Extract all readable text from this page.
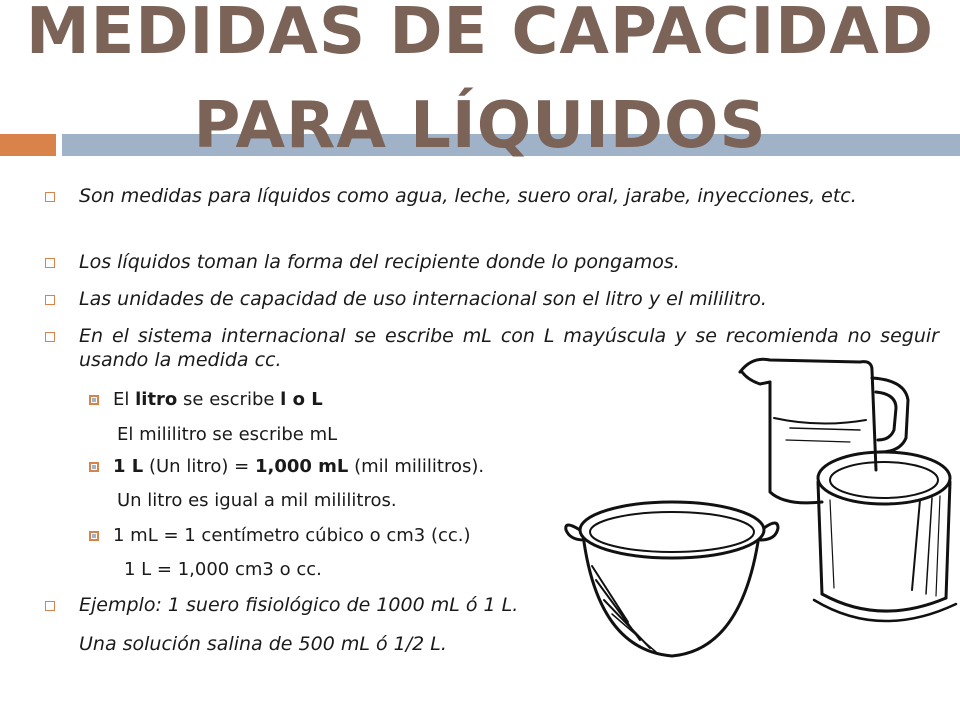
MEDIDAS DE CAPACIDAD
PARA LÍQUIDOS
Son medidas para líquidos como agua, leche, suero oral, jarabe, inyecciones, etc.
Los líquidos toman la forma del recipiente donde lo pongamos.
Las unidades de capacidad de uso internacional son el litro y el mililitro.
En el sistema internacional se escribe mL con L mayúscula y se recomienda no seguir usando la medida cc.
El litro se escribe l o L
El mililitro se escribe mL
1 L (Un litro) = 1,000 mL (mil mililitros).
Un litro es igual a mil mililitros.
1 mL = 1 centímetro cúbico o cm3 (cc.)
1 L = 1,000 cm3 o cc.
Ejemplo: 1 suero fisiológico de 1000 mL ó 1 L.
Una solución salina de 500 mL ó 1/2 L.
